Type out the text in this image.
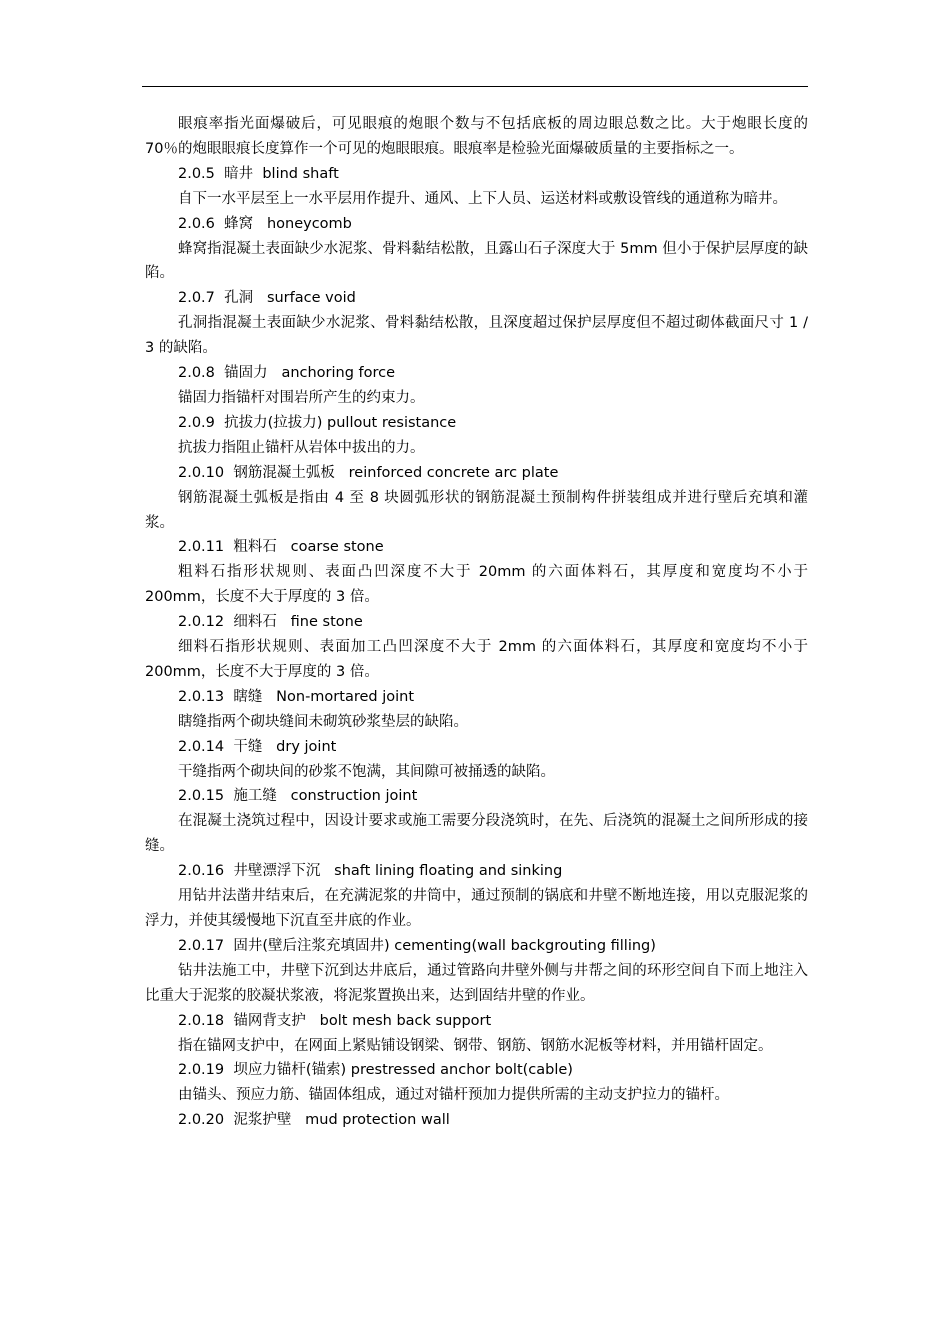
眼痕率指光面爆破后，可见眼痕的炮眼个数与不包括底板的周边眼总数之比。大于炮眼长度的 70％的炮眼眼痕长度算作一个可见的炮眼眼痕。眼痕率是检验光面爆破质量的主要指标之一。

2.0.5  暗井  blind shaft

自下一水平层至上一水平层用作提升、通风、上下人员、运送材料或敷设管线的通道称为暗井。

2.0.6  蜂窝   honeycomb

蜂窝指混凝土表面缺少水泥浆、骨料黏结松散，且露山石子深度大于 5mm 但小于保护层厚度的缺陷。

2.0.7  孔洞   surface void

孔洞指混凝土表面缺少水泥浆、骨料黏结松散，且深度超过保护层厚度但不超过砌体截面尺寸 1 / 3 的缺陷。

2.0.8  锚固力   anchoring force

锚固力指锚杆对围岩所产生的约束力。

2.0.9  抗拔力(拉拔力) pullout resistance

抗拔力指阻止锚杆从岩体中拔出的力。

2.0.10  钢筋混凝土弧板   reinforced concrete arc plate

钢筋混凝土弧板是指由 4 至 8 块圆弧形状的钢筋混凝土预制构件拼装组成并进行壁后充填和灌浆。

2.0.11  粗料石   coarse stone

粗料石指形状规则、表面凸凹深度不大于 20mm 的六面体料石，其厚度和宽度均不小于 200mm，长度不大于厚度的 3 倍。

2.0.12  细料石   fine stone

细料石指形状规则、表面加工凸凹深度不大于 2mm 的六面体料石，其厚度和宽度均不小于 200mm，长度不大于厚度的 3 倍。

2.0.13  瞎缝   Non-mortared joint

瞎缝指两个砌块缝间未砌筑砂浆垫层的缺陷。

2.0.14  干缝   dry joint

干缝指两个砌块间的砂浆不饱满，其间隙可被捅透的缺陷。

2.0.15  施工缝   construction joint

在混凝土浇筑过程中，因设计要求或施工需要分段浇筑时，在先、后浇筑的混凝土之间所形成的接缝。

2.0.16  井壁漂浮下沉   shaft lining floating and sinking

用钻井法凿井结束后，在充满泥浆的井筒中，通过预制的锅底和井壁不断地连接，用以克服泥浆的浮力，并使其缓慢地下沉直至井底的作业。

2.0.17  固井(壁后注浆充填固井) cementing(wall backgrouting filling)

钻井法施工中，井壁下沉到达井底后，通过管路向井壁外侧与井帮之间的环形空间自下而上地注入比重大于泥浆的胶凝状浆液，将泥浆置换出来，达到固结井壁的作业。

2.0.18  锚网背支护   bolt mesh back support

指在锚网支护中，在网面上紧贴铺设钢梁、钢带、钢筋、钢筋水泥板等材料，并用锚杆固定。

2.0.19  坝应力锚杆(锚索) prestressed anchor bolt(cable)

由锚头、预应力筋、锚固体组成，通过对锚杆预加力提供所需的主动支护拉力的锚杆。

2.0.20  泥浆护壁   mud protection wall
